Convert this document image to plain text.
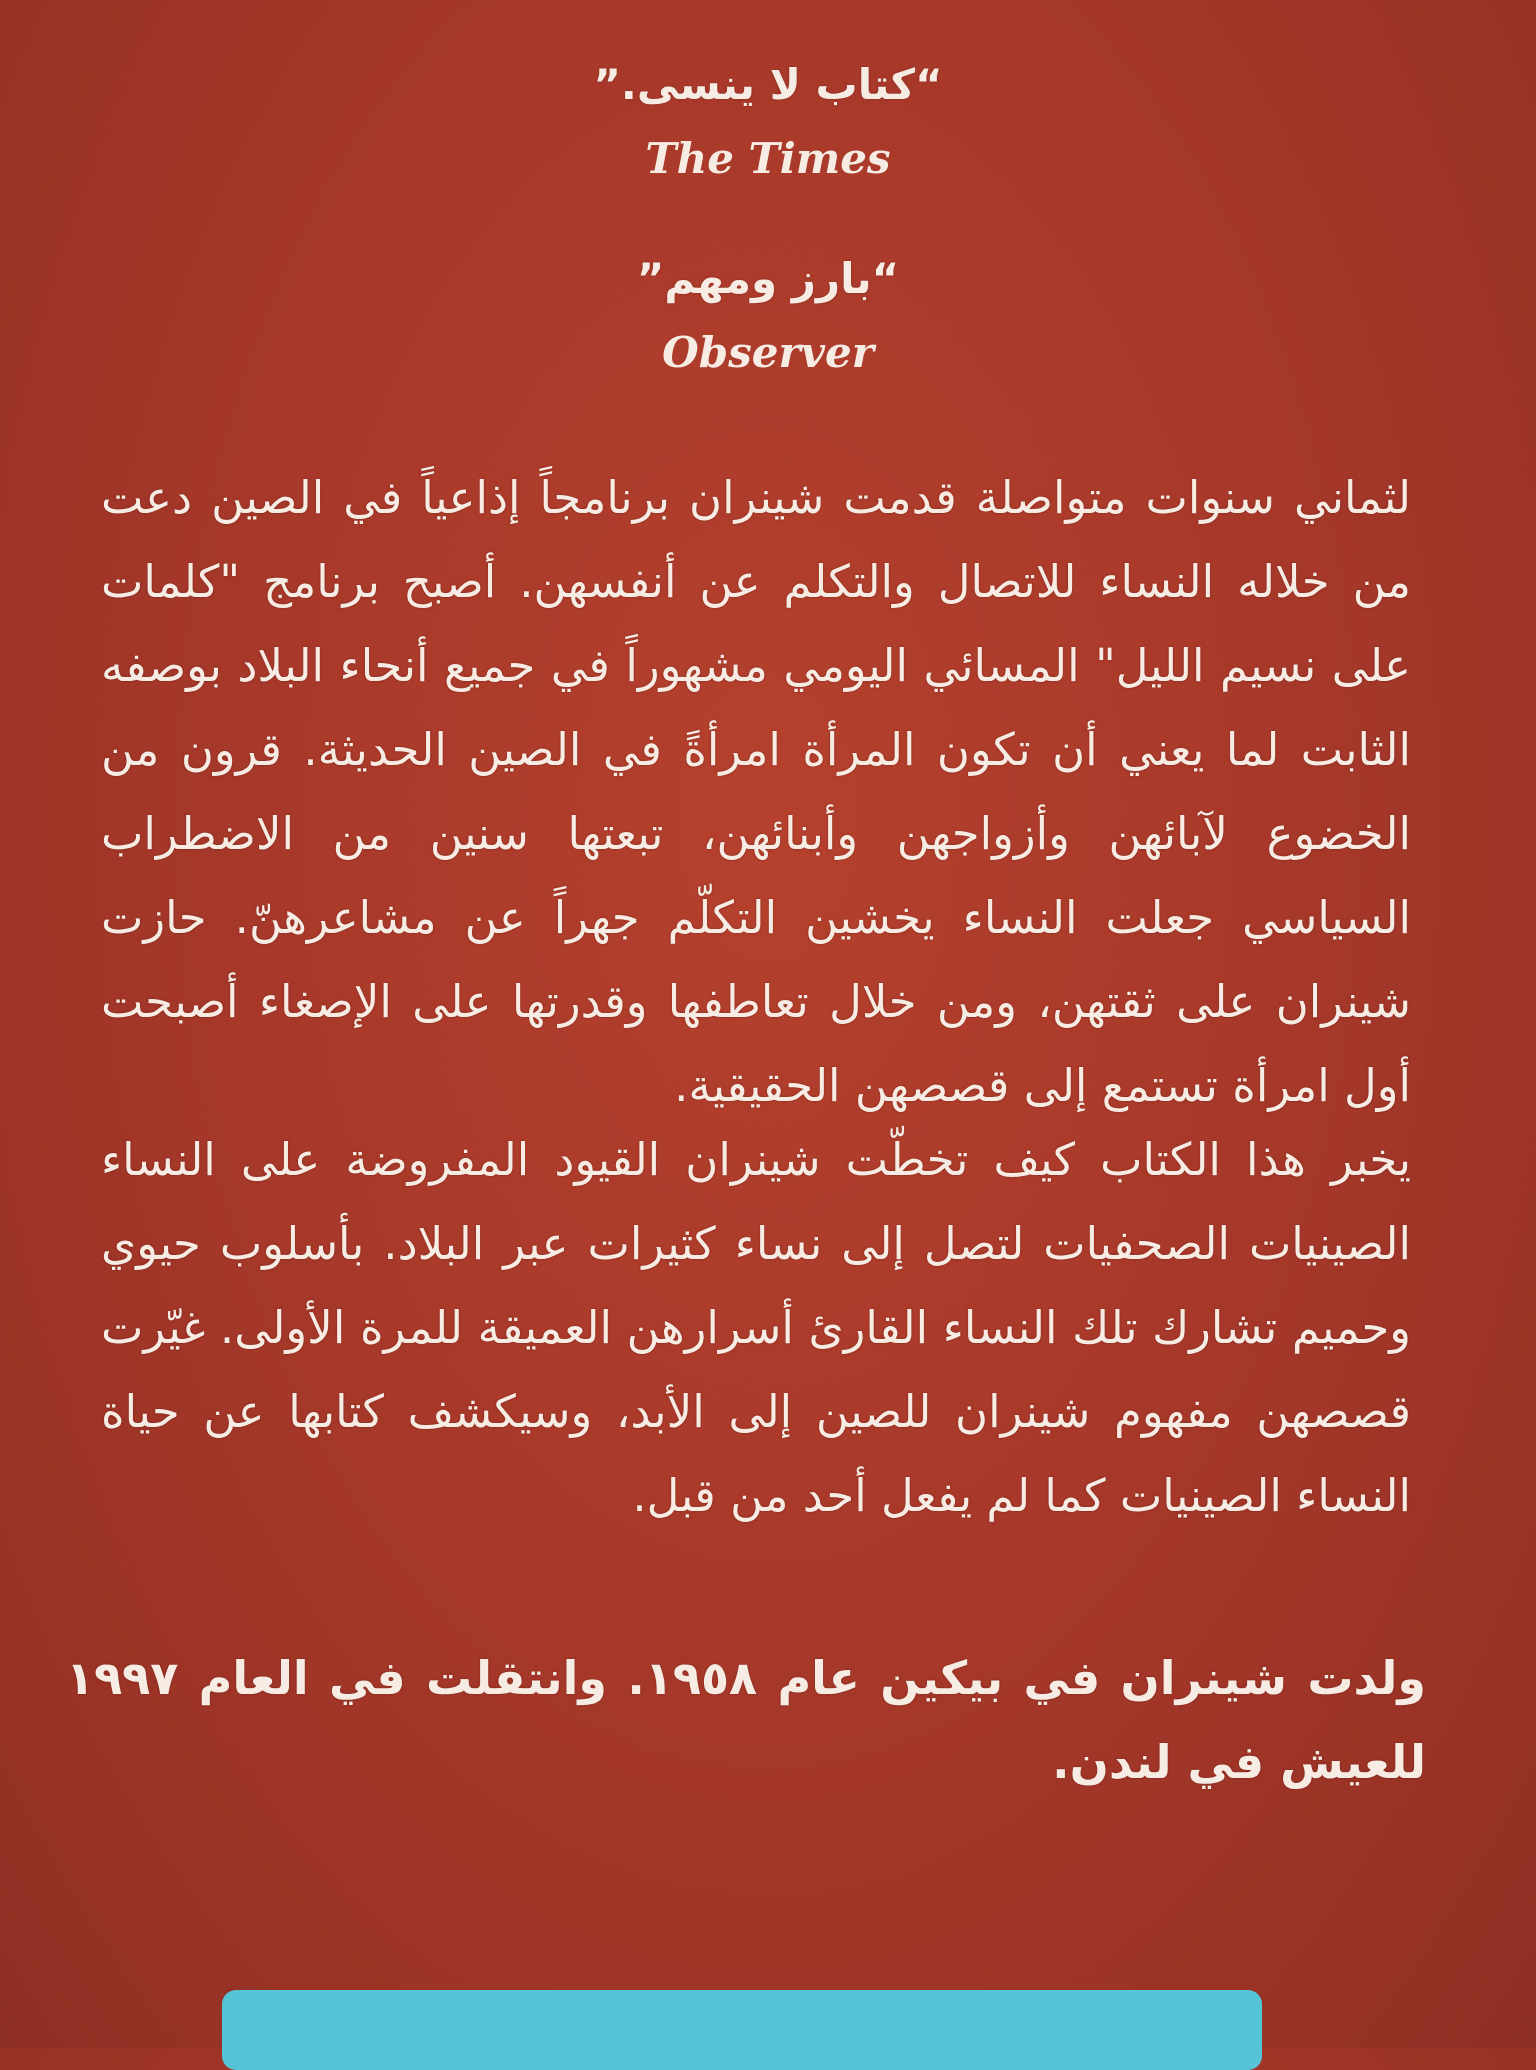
“كتاب لا ينسى.”
The Times
“بارز ومهم”
Observer
لثماني سنوات متواصلة قدمت شينران برنامجاً إذاعياً في الصين دعت من خلاله النساء للاتصال والتكلم عن أنفسهن. أصبح برنامج "كلمات على نسيم الليل" المسائي اليومي مشهوراً في جميع أنحاء البلاد بوصفه الثابت لما يعني أن تكون المرأة امرأةً في الصين الحديثة. قرون من الخضوع لآبائهن وأزواجهن وأبنائهن، تبعتها سنين من الاضطراب السياسي جعلت النساء يخشين التكلّم جهراً عن مشاعرهنّ. حازت شينران على ثقتهن، ومن خلال تعاطفها وقدرتها على الإصغاء أصبحت أول امرأة تستمع إلى قصصهن الحقيقية.
يخبر هذا الكتاب كيف تخطّت شينران القيود المفروضة على النساء الصينيات الصحفيات لتصل إلى نساء كثيرات عبر البلاد. بأسلوب حيوي وحميم تشارك تلك النساء القارئ أسرارهن العميقة للمرة الأولى. غيّرت قصصهن مفهوم شينران للصين إلى الأبد، وسيكشف كتابها عن حياة النساء الصينيات كما لم يفعل أحد من قبل.
ولدت شينران في بيكين عام ١٩٥٨. وانتقلت في العام ١٩٩٧ للعيش في لندن.
